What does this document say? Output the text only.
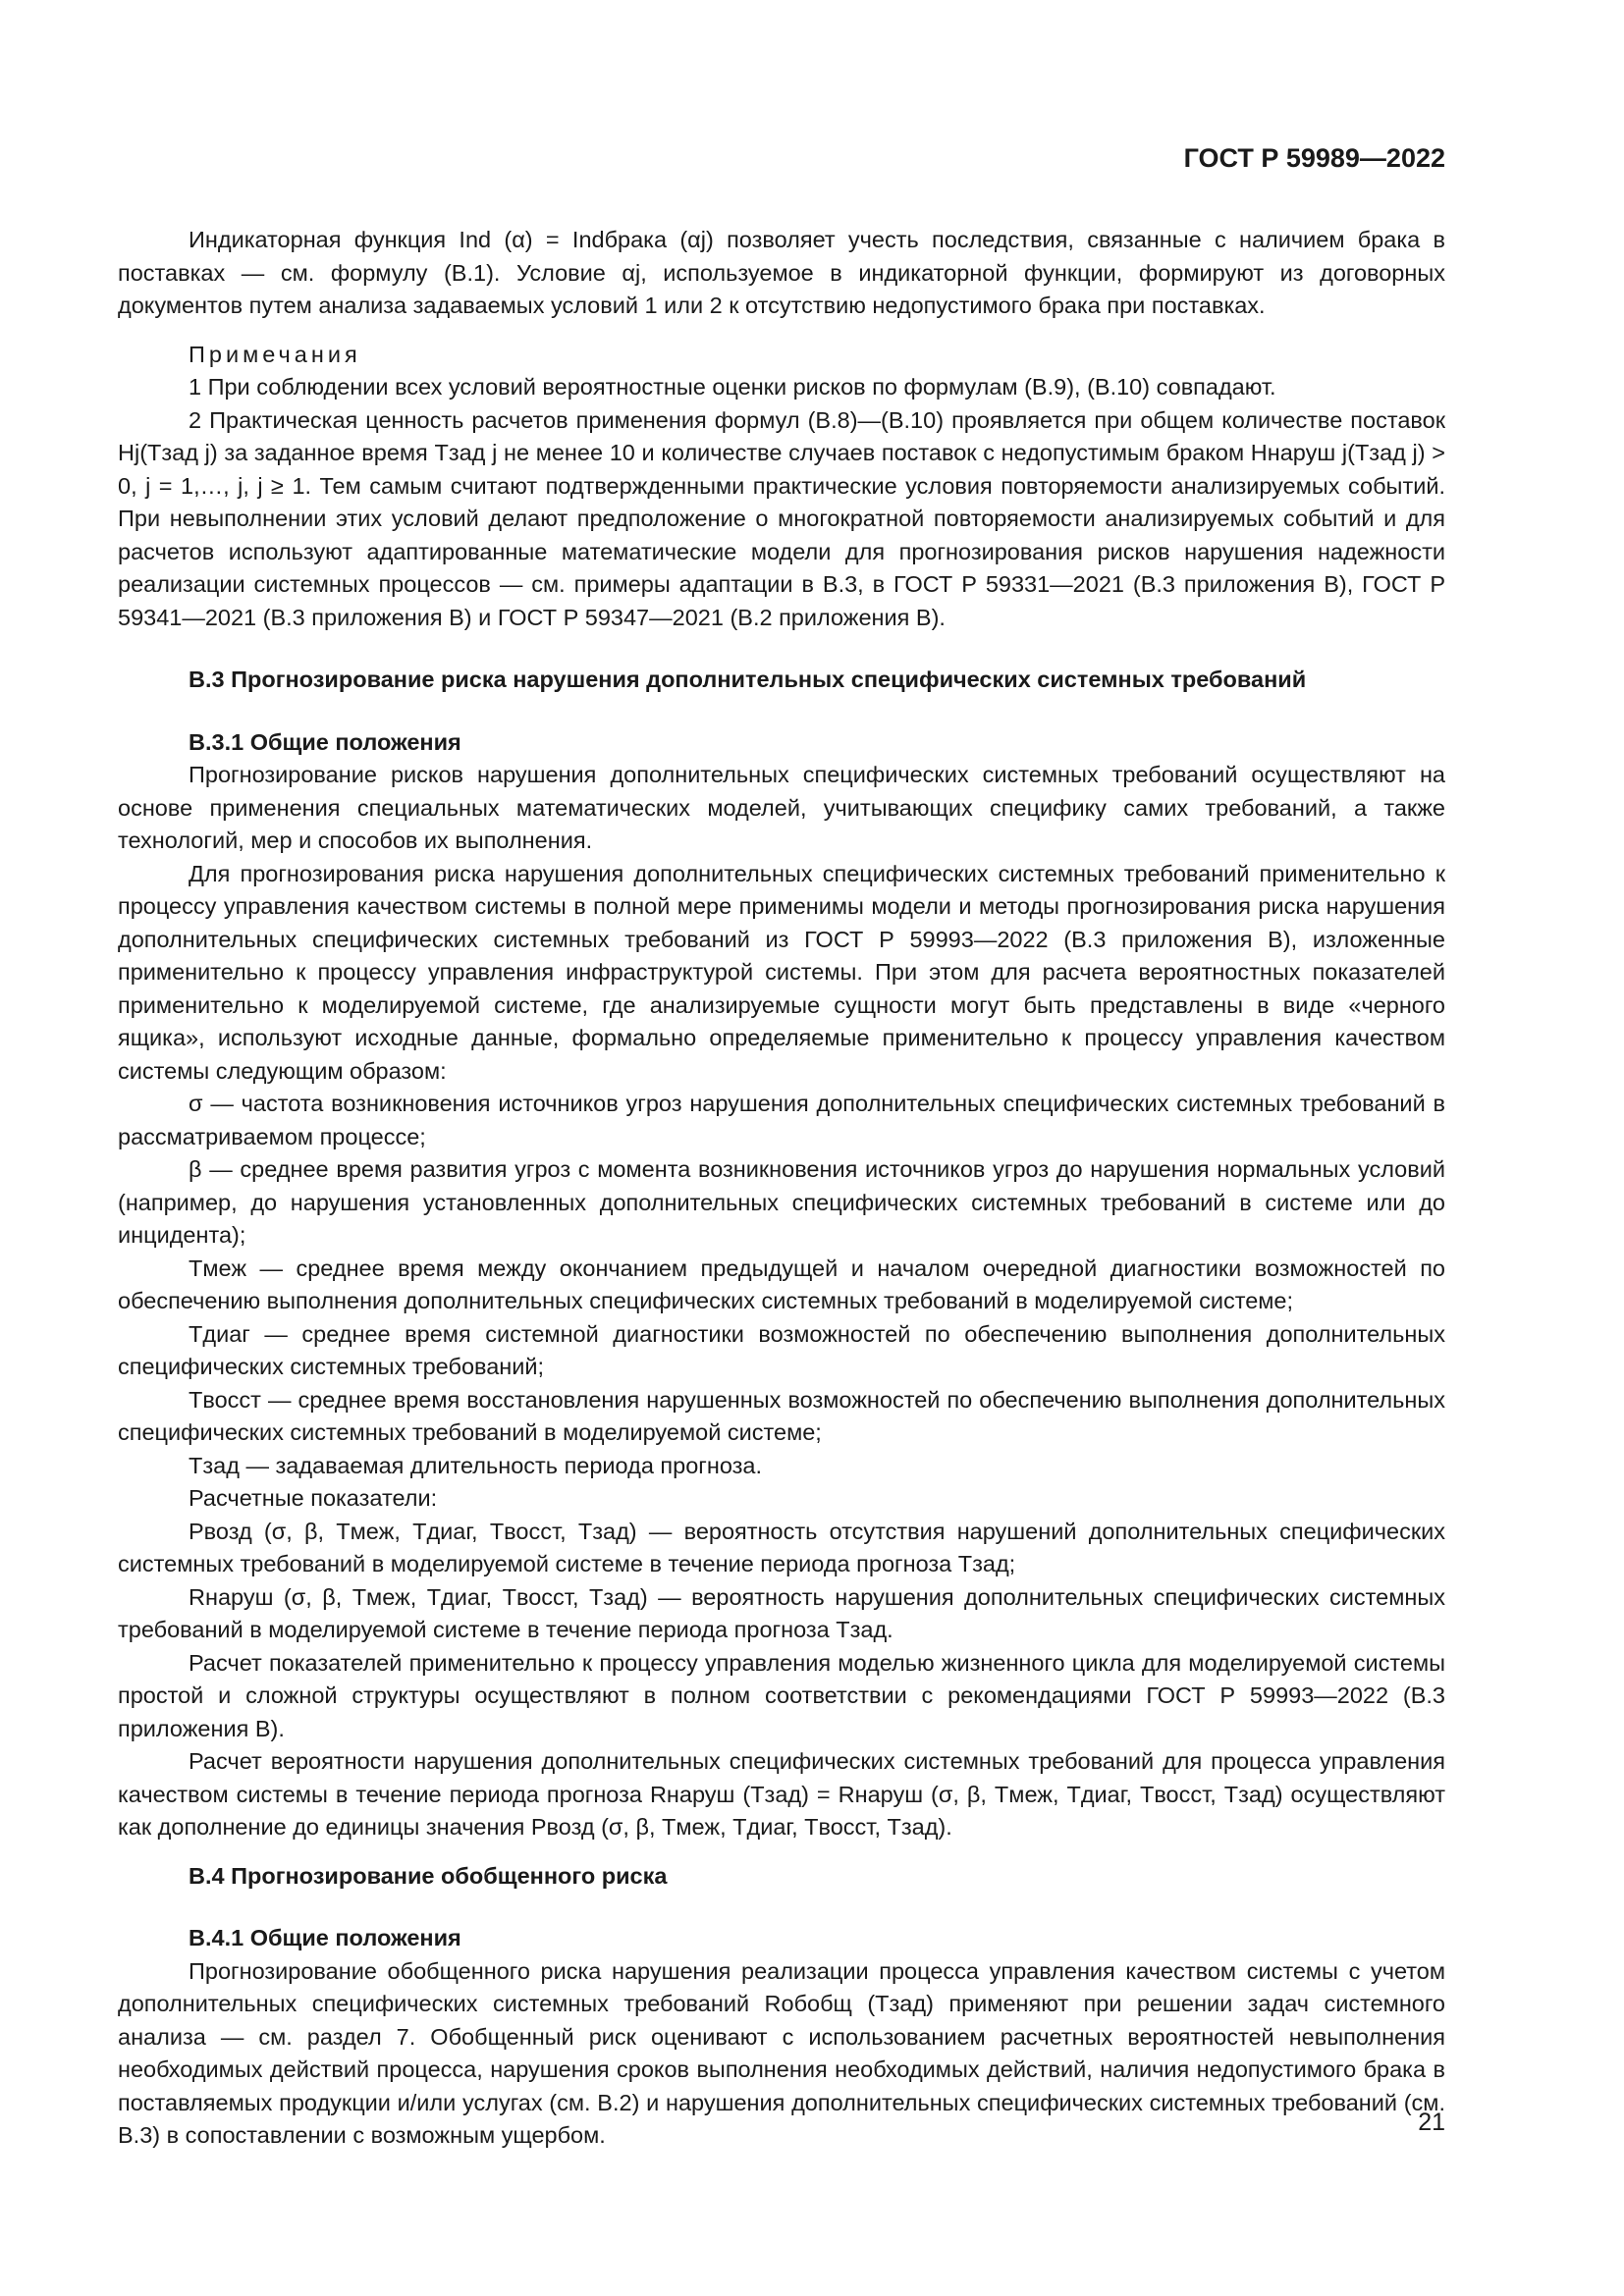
ГОСТ Р 59989—2022

Индикаторная функция Ind (α) = Indбрака (αj) позволяет учесть последствия, связанные с наличием брака в поставках — см. формулу (В.1). Условие αj, используемое в индикаторной функции, формируют из договорных документов путем анализа задаваемых условий 1 или 2 к отсутствию недопустимого брака при поставках.

Примечания

1 При соблюдении всех условий вероятностные оценки рисков по формулам (В.9), (В.10) совпадают.

2 Практическая ценность расчетов применения формул (В.8)—(В.10) проявляется при общем количестве поставок Hj(Tзад j) за заданное время Tзад j не менее 10 и количестве случаев поставок с недопустимым браком Hнаруш j(Tзад j) > 0, j = 1,…, j, j ≥ 1. Тем самым считают подтвержденными практические условия повторяемости анализируемых событий. При невыполнении этих условий делают предположение о многократной повторяемости анализируемых событий и для расчетов используют адаптированные математические модели для прогнозирования рисков нарушения надежности реализации системных процессов — см. примеры адаптации в В.3, в ГОСТ Р 59331—2021 (В.3 приложения В), ГОСТ Р 59341—2021 (В.3 приложения В) и ГОСТ Р 59347—2021 (В.2 приложения В).

В.3 Прогнозирование риска нарушения дополнительных специфических системных требований
В.3.1 Общие положения

Прогнозирование рисков нарушения дополнительных специфических системных требований осуществляют на основе применения специальных математических моделей, учитывающих специфику самих требований, а также технологий, мер и способов их выполнения.

Для прогнозирования риска нарушения дополнительных специфических системных требований применительно к процессу управления качеством системы в полной мере применимы модели и методы прогнозирования риска нарушения дополнительных специфических системных требований из ГОСТ Р 59993—2022 (В.3 приложения В), изложенные применительно к процессу управления инфраструктурой системы. При этом для расчета вероятностных показателей применительно к моделируемой системе, где анализируемые сущности могут быть представлены в виде «черного ящика», используют исходные данные, формально определяемые применительно к процессу управления качеством системы следующим образом:

σ — частота возникновения источников угроз нарушения дополнительных специфических системных требований в рассматриваемом процессе;

β — среднее время развития угроз с момента возникновения источников угроз до нарушения нормальных условий (например, до нарушения установленных дополнительных специфических системных требований в системе или до инцидента);

Tмеж — среднее время между окончанием предыдущей и началом очередной диагностики возможностей по обеспечению выполнения дополнительных специфических системных требований в моделируемой системе;

Tдиаг — среднее время системной диагностики возможностей по обеспечению выполнения дополнительных специфических системных требований;

Tвосст — среднее время восстановления нарушенных возможностей по обеспечению выполнения дополнительных специфических системных требований в моделируемой системе;

Tзад — задаваемая длительность периода прогноза.

Расчетные показатели:

Pвозд (σ, β, Tмеж, Tдиаг, Tвосст, Tзад) — вероятность отсутствия нарушений дополнительных специфических системных требований в моделируемой системе в течение периода прогноза Tзад;

Rнаруш (σ, β, Tмеж, Tдиаг, Tвосст, Tзад) — вероятность нарушения дополнительных специфических системных требований в моделируемой системе в течение периода прогноза Tзад.

Расчет показателей применительно к процессу управления моделью жизненного цикла для моделируемой системы простой и сложной структуры осуществляют в полном соответствии с рекомендациями ГОСТ Р 59993—2022 (В.3 приложения В).

Расчет вероятности нарушения дополнительных специфических системных требований для процесса управления качеством системы в течение периода прогноза Rнаруш (Tзад) = Rнаруш (σ, β, Tмеж, Tдиаг, Tвосст, Tзад) осуществляют как дополнение до единицы значения Pвозд (σ, β, Tмеж, Tдиаг, Tвосст, Tзад).

В.4 Прогнозирование обобщенного риска
В.4.1 Общие положения

Прогнозирование обобщенного риска нарушения реализации процесса управления качеством системы с учетом дополнительных специфических системных требований Rобобщ (Tзад) применяют при решении задач системного анализа — см. раздел 7. Обобщенный риск оценивают с использованием расчетных вероятностей невыполнения необходимых действий процесса, нарушения сроков выполнения необходимых действий, наличия недопустимого брака в поставляемых продукции и/или услугах (см. В.2) и нарушения дополнительных специфических системных требований (см. В.3) в сопоставлении с возможным ущербом.	21
